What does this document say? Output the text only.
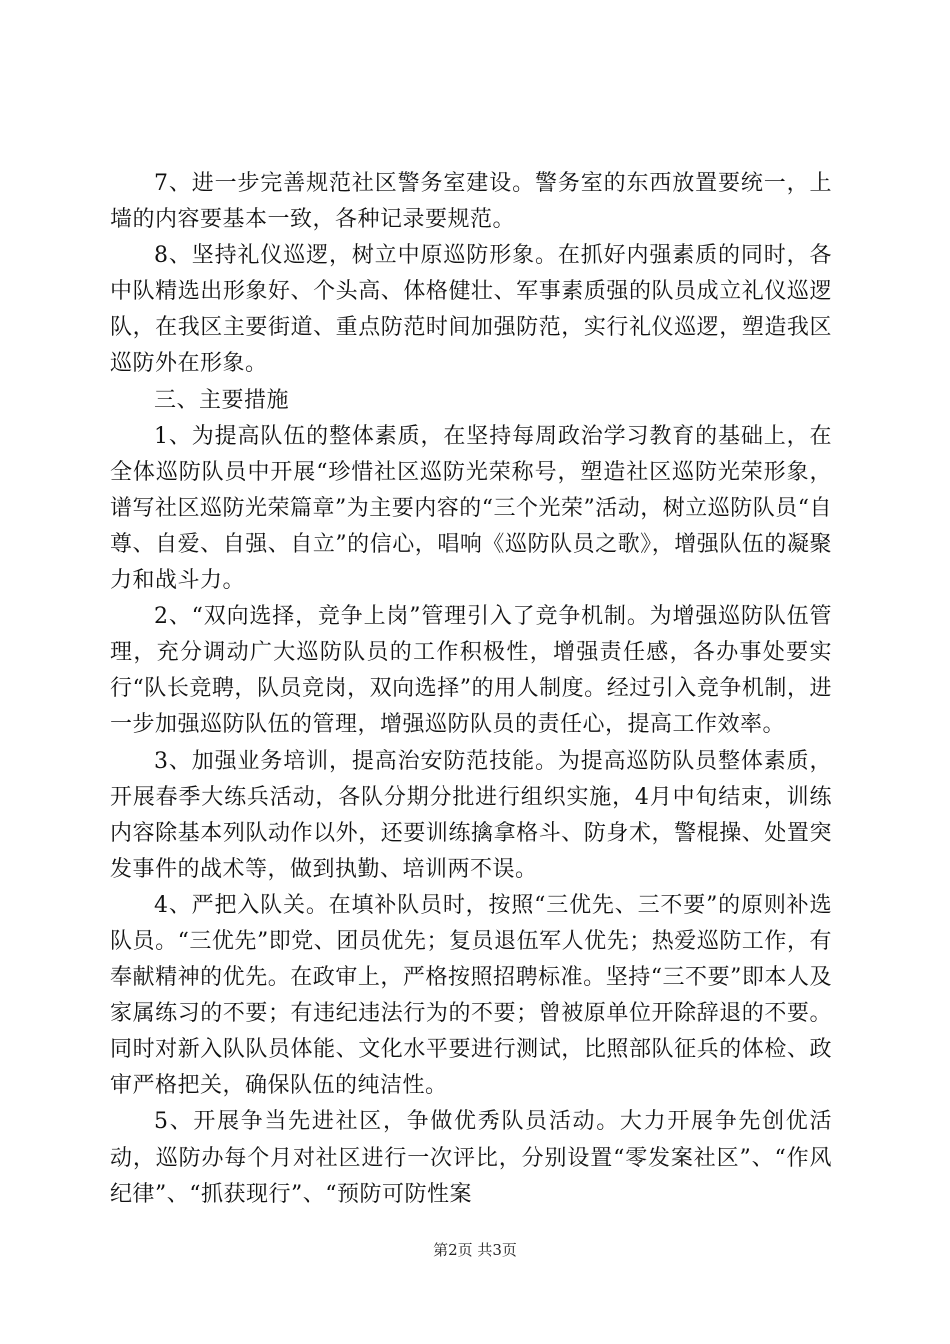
7、进一步完善规范社区警务室建设。警务室的东西放置要统一，上墙的内容要基本一致，各种记录要规范。

8、坚持礼仪巡逻，树立中原巡防形象。在抓好内强素质的同时，各中队精选出形象好、个头高、体格健壮、军事素质强的队员成立礼仪巡逻队，在我区主要街道、重点防范时间加强防范，实行礼仪巡逻，塑造我区巡防外在形象。

三、主要措施

1、为提高队伍的整体素质，在坚持每周政治学习教育的基础上，在全体巡防队员中开展“珍惜社区巡防光荣称号，塑造社区巡防光荣形象，谱写社区巡防光荣篇章”为主要内容的“三个光荣”活动，树立巡防队员“自尊、自爱、自强、自立”的信心，唱响《巡防队员之歌》，增强队伍的凝聚力和战斗力。

2、“双向选择，竞争上岗”管理引入了竞争机制。为增强巡防队伍管理，充分调动广大巡防队员的工作积极性，增强责任感，各办事处要实行“队长竞聘，队员竞岗，双向选择”的用人制度。经过引入竞争机制，进一步加强巡防队伍的管理，增强巡防队员的责任心，提高工作效率。

3、加强业务培训，提高治安防范技能。为提高巡防队员整体素质，开展春季大练兵活动，各队分期分批进行组织实施，4月中旬结束，训练内容除基本列队动作以外，还要训练擒拿格斗、防身术，警棍操、处置突发事件的战术等，做到执勤、培训两不误。

4、严把入队关。在填补队员时，按照“三优先、三不要”的原则补选队员。“三优先”即党、团员优先；复员退伍军人优先；热爱巡防工作，有奉献精神的优先。在政审上，严格按照招聘标准。坚持“三不要”即本人及家属练习的不要；有违纪违法行为的不要；曾被原单位开除辞退的不要。同时对新入队队员体能、文化水平要进行测试，比照部队征兵的体检、政审严格把关，确保队伍的纯洁性。

5、开展争当先进社区，争做优秀队员活动。大力开展争先创优活动，巡防办每个月对社区进行一次评比，分别设置“零发案社区”、“作风纪律”、“抓获现行”、“预防可防性案

第2页 共3页
